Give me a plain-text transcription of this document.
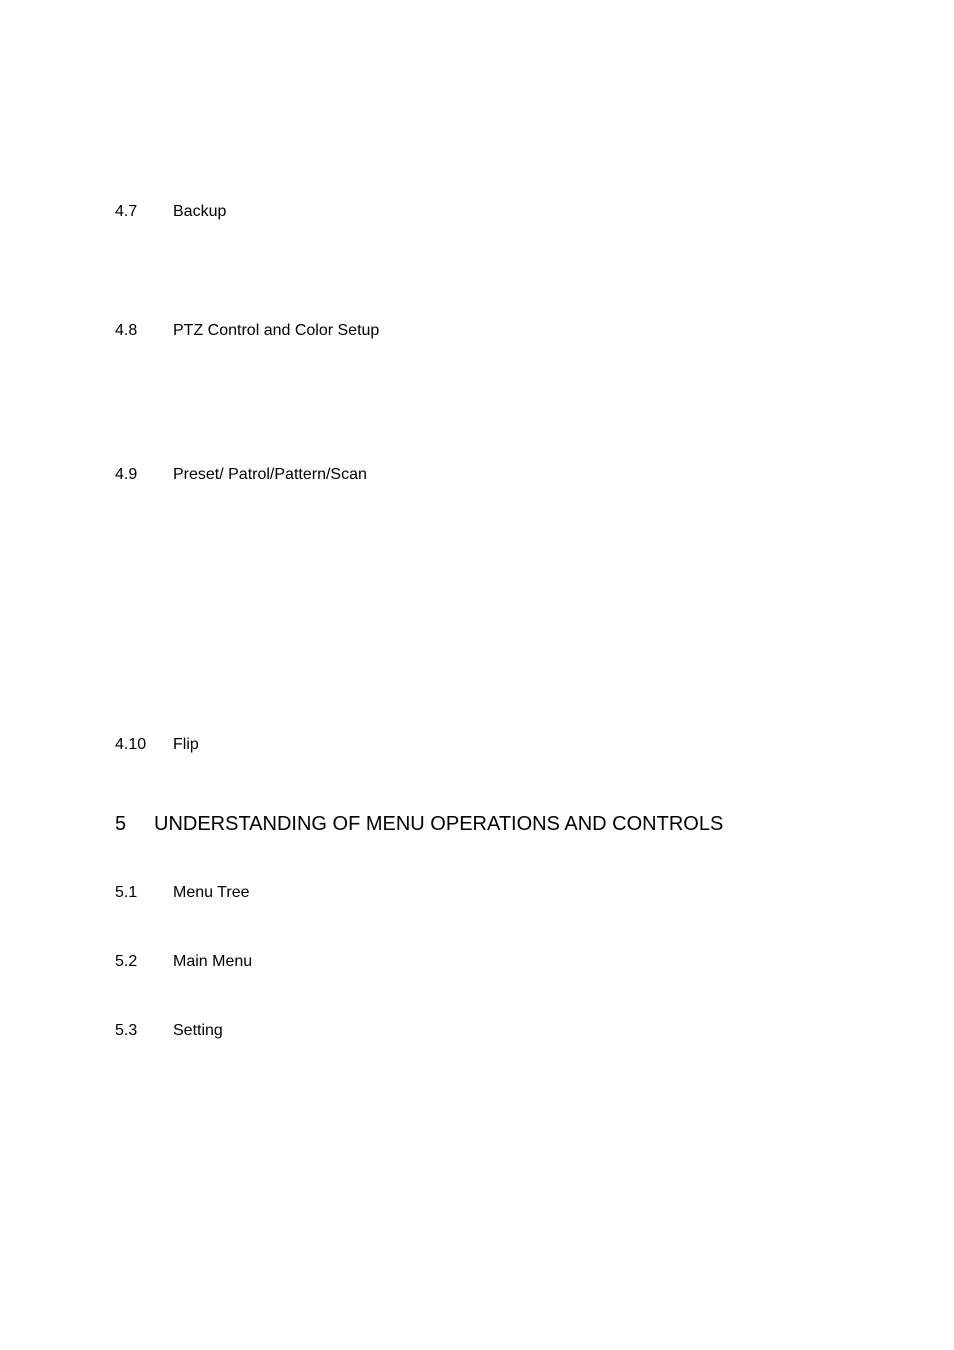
4.7 Backup
4.8 PTZ Control and Color Setup
4.9 Preset/ Patrol/Pattern/Scan
4.10 Flip
5 UNDERSTANDING OF MENU OPERATIONS AND CONTROLS
5.1 Menu Tree
5.2 Main Menu
5.3 Setting
